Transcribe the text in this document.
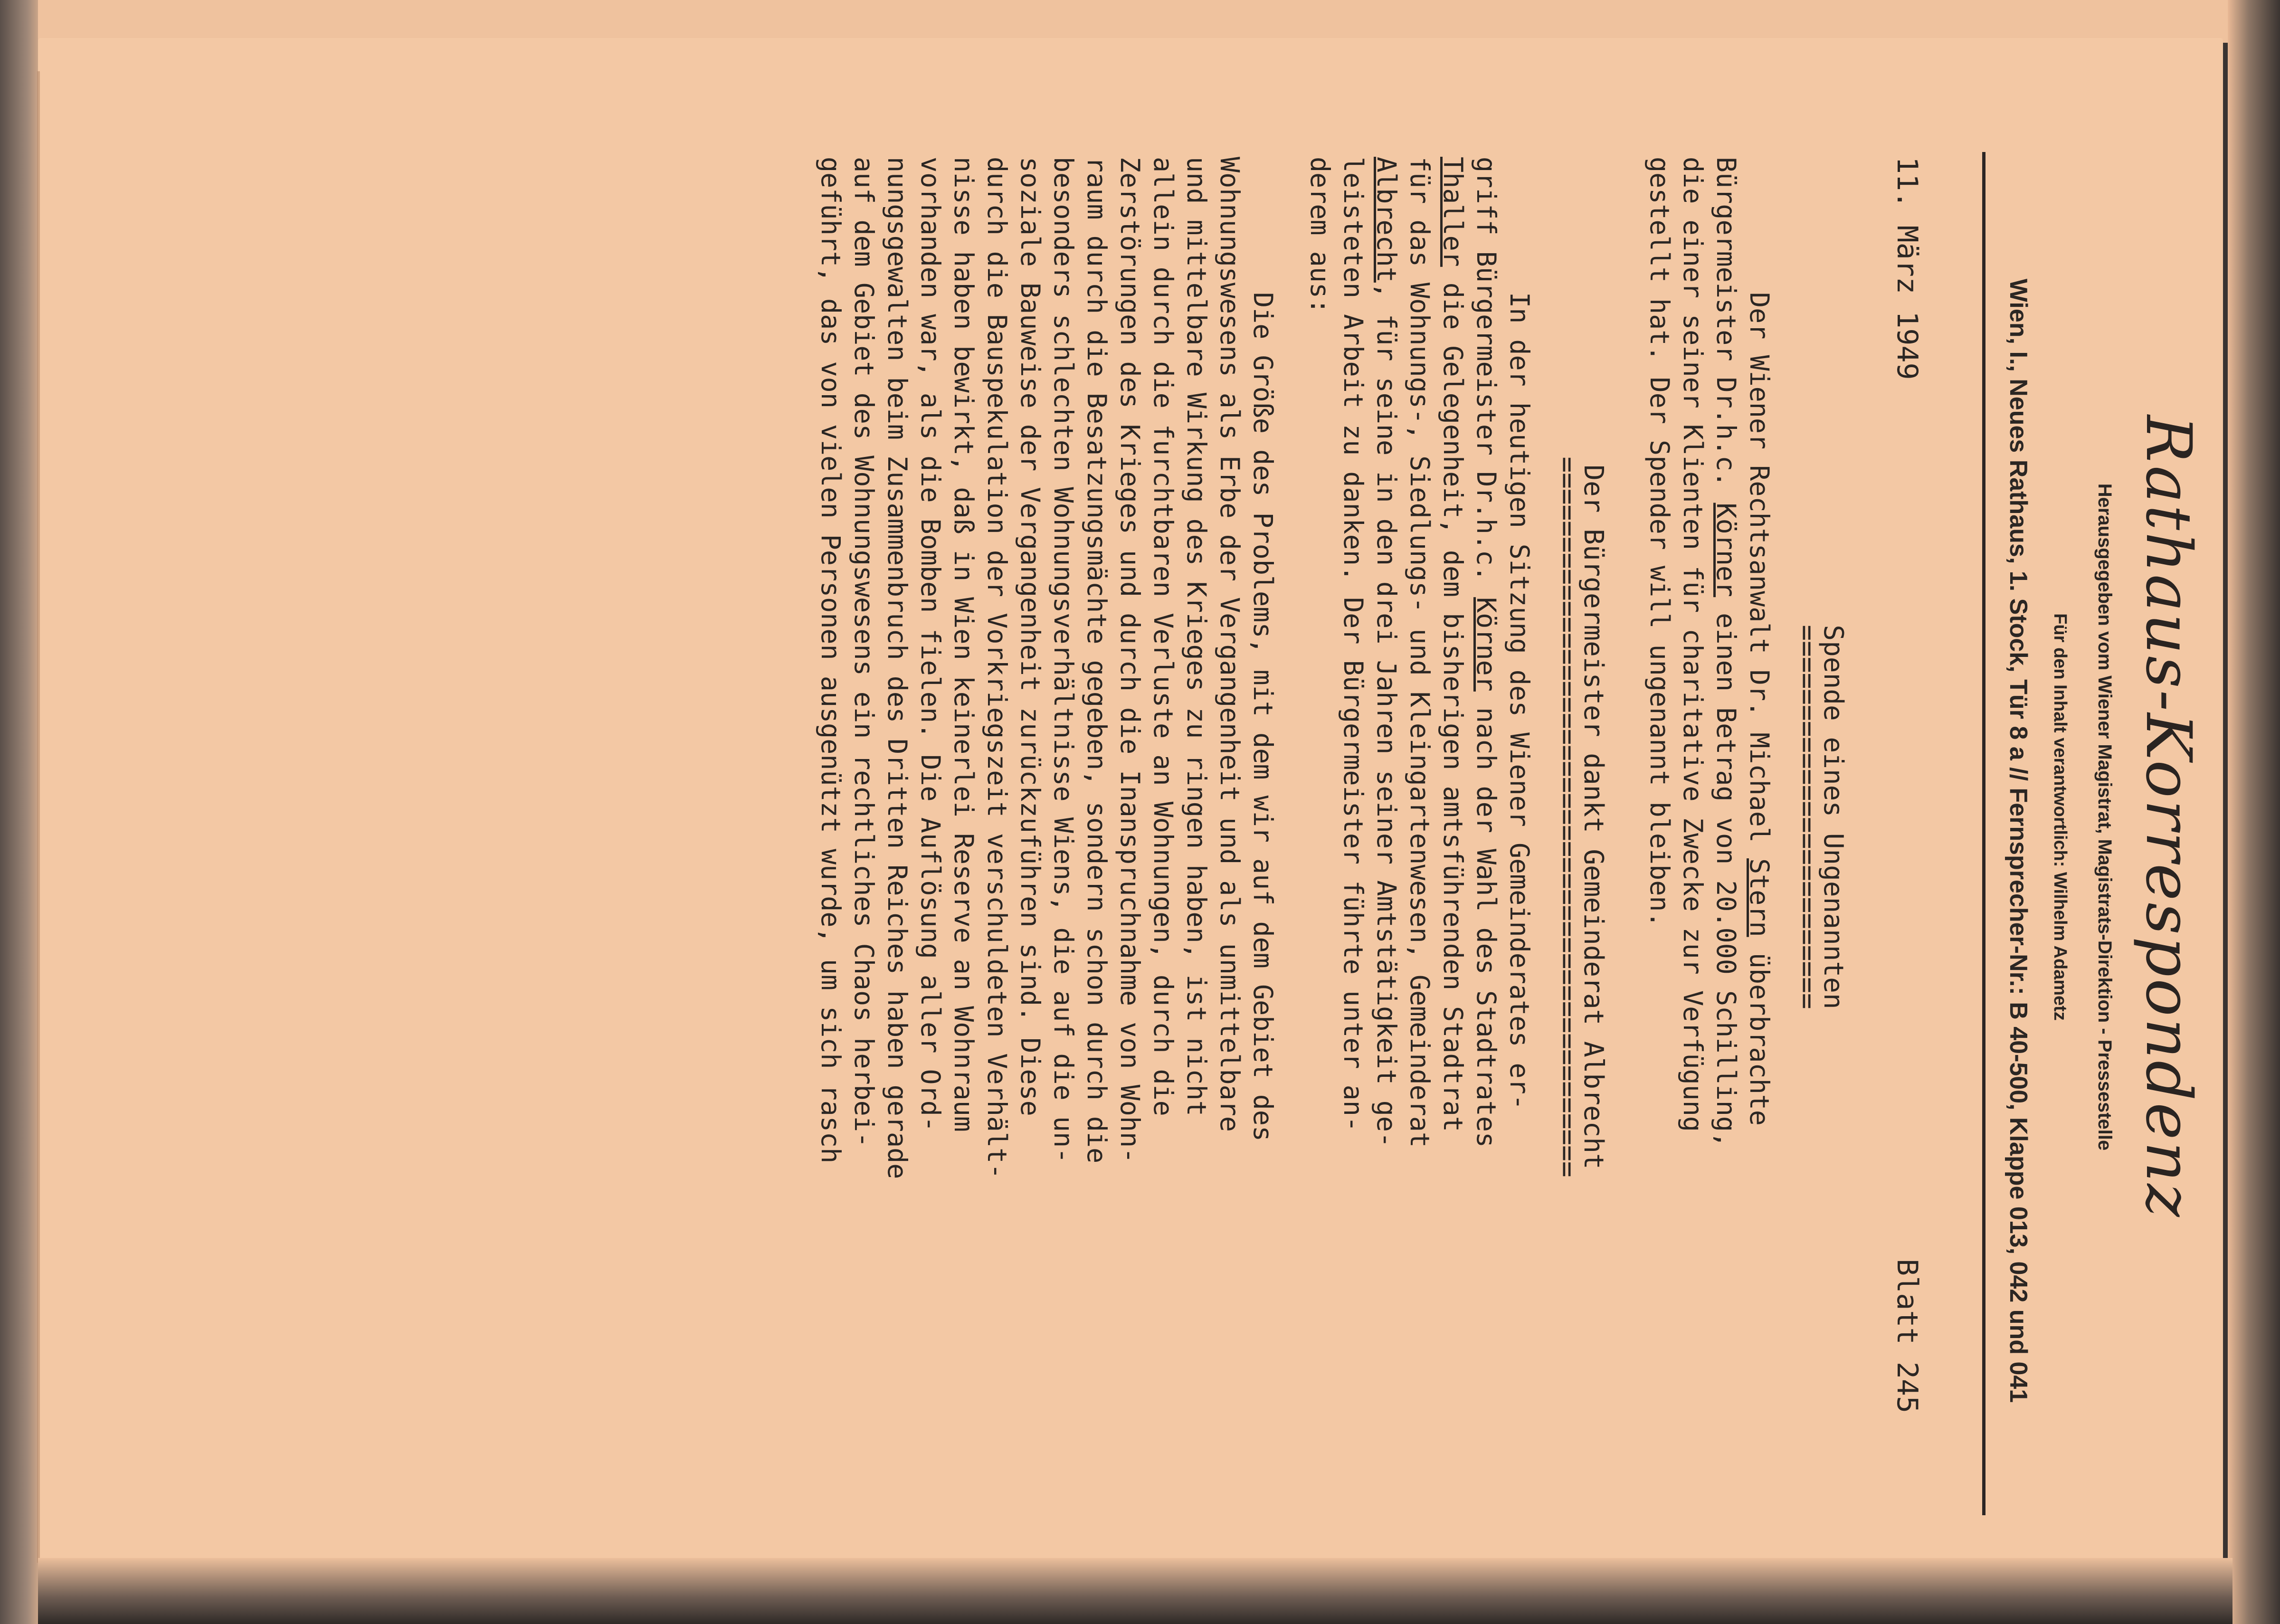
Rathaus-Korrespondenz
Herausgegeben vom Wiener Magistrat, Magistrats-Direktion - Pressestelle
Für den Inhalt verantwortlich: Wilhelm Adametz
Wien, I., Neues Rathaus, 1. Stock, Tür 8 a // Fernsprecher-Nr.: B 40-500, Klappe 013, 042 und 041
11. März 1949
Blatt 245
Spende eines Ungenannten
========================
Der Wiener Rechtsanwalt Dr. Michael Stern überbrachte
Bürgermeister Dr.h.c. Körner einen Betrag von 20.000 Schilling,
die einer seiner Klienten für charitative Zwecke zur Verfügung
gestellt hat. Der Spender will ungenannt bleiben.
Der Bürgermeister dankt Gemeinderat Albrecht
=============================================
In der heutigen Sitzung des Wiener Gemeinderates er-
griff Bürgermeister Dr.h.c. Körner nach der Wahl des Stadtrates
Thaller die Gelegenheit, dem bisherigen amtsführenden Stadtrat
für das Wohnungs-, Siedlungs- und Kleingartenwesen, Gemeinderat
Albrecht, für seine in den drei Jahren seiner Amtstätigkeit ge-
leisteten Arbeit zu danken. Der Bürgermeister führte unter an-
derem aus:
Die Größe des Problems, mit dem wir auf dem Gebiet des
Wohnungswesens als Erbe der Vergangenheit und als unmittelbare
und mittelbare Wirkung des Krieges zu ringen haben, ist nicht
allein durch die furchtbaren Verluste an Wohnungen, durch die
Zerstörungen des Krieges und durch die Inanspruchnahme von Wohn-
raum durch die Besatzungsmächte gegeben, sondern schon durch die
besonders schlechten Wohnungsverhältnisse Wiens, die auf die un-
soziale Bauweise der Vergangenheit zurückzuführen sind. Diese
durch die Bauspekulation der Vorkriegszeit verschuldeten Verhält-
nisse haben bewirkt, daß in Wien keinerlei Reserve an Wohnraum
vorhanden war, als die Bomben fielen. Die Auflösung aller Ord-
nungsgewalten beim Zusammenbruch des Dritten Reiches haben gerade
auf dem Gebiet des Wohnungswesens ein rechtliches Chaos herbei-
geführt, das von vielen Personen ausgenützt wurde, um sich rasch
